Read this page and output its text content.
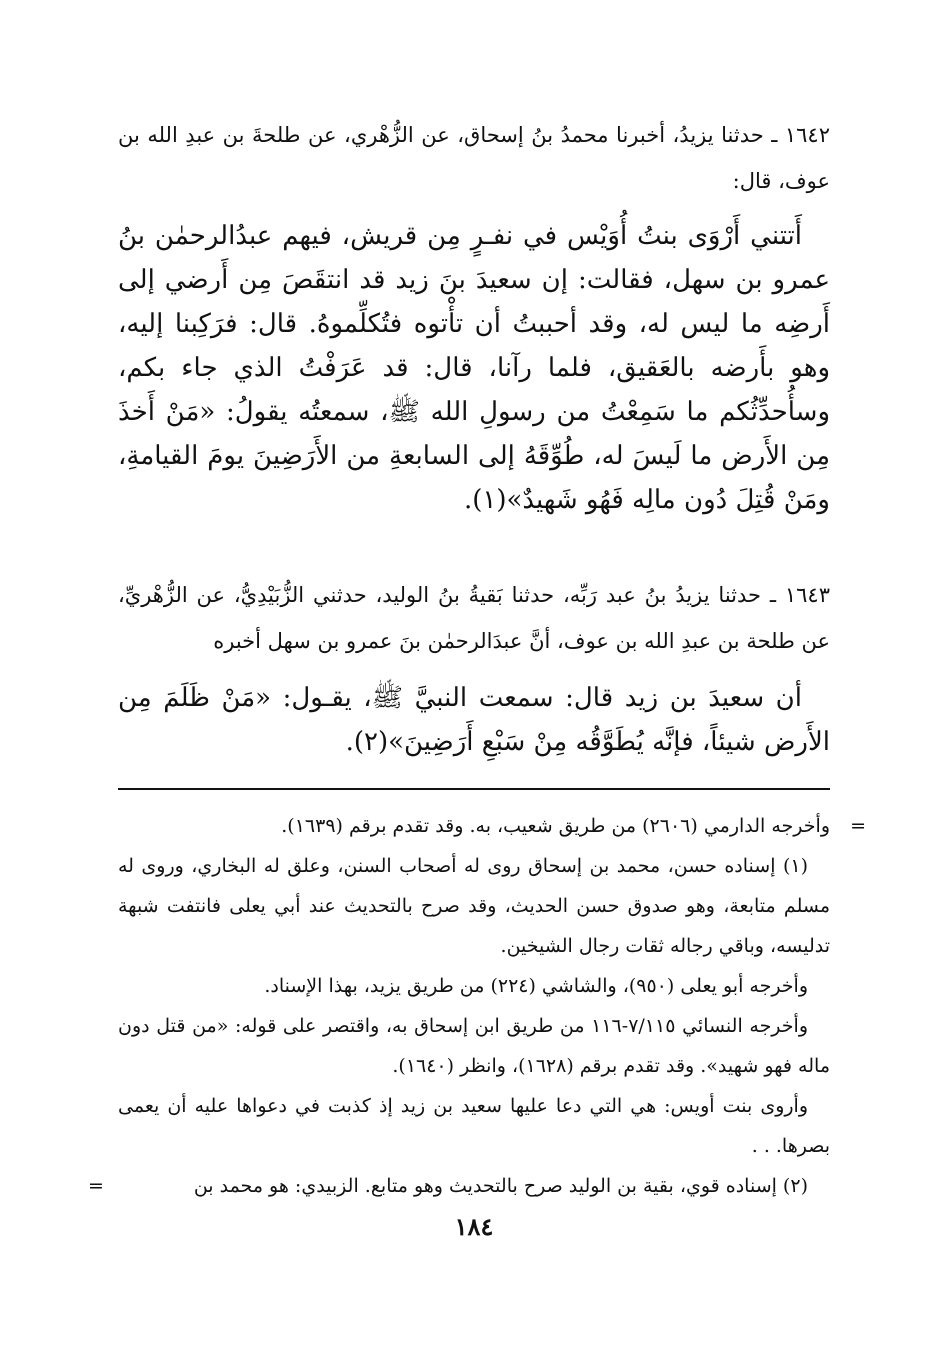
١٦٤٢ ـ حدثنا يزيدُ، أخبرنا محمدُ بنُ إسحاق، عن الزُّهْري، عن طلحةَ بن عبدِ الله بن عوف، قال:
أَتتني أَرْوَى بنتُ أُوَيْس في نفـرٍ مِن قريش، فيهم عبدُالرحمٰن بنُ عمرو بن سهل، فقالت: إن سعيدَ بنَ زيد قد انتقَصَ مِن أَرضي إلى أَرضِه ما ليس له، وقد أحببتُ أن تأْتوه فتُكلِّموهُ. قال: فرَكِبنا إليه، وهو بأَرضه بالعَقيق، فلما رآنا، قال: قد عَرَفْتُ الذي جاء بكم، وسأُحدِّثُكم ما سَمِعْتُ من رسولِ الله ﷺ، سمعتُه يقولُ: «مَنْ أَخذَ مِن الأَرض ما لَيسَ له، طُوِّقَهُ إلى السابعةِ من الأَرَضِينَ يومَ القيامةِ، ومَنْ قُتِلَ دُون مالِه فَهُو شَهيدٌ»(١).
١٦٤٣ ـ حدثنا يزيدُ بنُ عبد رَبِّه، حدثنا بَقيةُ بنُ الوليد، حدثني الزُّبَيْدِيُّ، عن الزُّهْريِّ، عن طلحة بن عبدِ الله بن عوف، أنَّ عبدَالرحمٰن بنَ عمرو بن سهل أخبره
أن سعيدَ بن زيد قال: سمعت النبيَّ ﷺ، يقـول: «مَنْ ظَلَمَ مِن الأَرض شيئاً، فإنَّه يُطَوَّقُه مِنْ سَبْعِ أَرَضِينَ»(٢).

=
وأخرجه الدارمي (٢٦٠٦) من طريق شعيب، به. وقد تقدم برقم (١٦٣٩).

(١) إسناده حسن، محمد بن إسحاق روى له أصحاب السنن، وعلق له البخاري، وروى له مسلم متابعة، وهو صدوق حسن الحديث، وقد صرح بالتحديث عند أبي يعلى فانتفت شبهة تدليسه، وباقي رجاله ثقات رجال الشيخين.

وأخرجه أبو يعلى (٩٥٠)، والشاشي (٢٢٤) من طريق يزيد، بهذا الإسناد.

وأخرجه النسائي ٧/١١٥-١١٦ من طريق ابن إسحاق به، واقتصر على قوله: «من قتل دون ماله فهو شهيد». وقد تقدم برقم (١٦٢٨)، وانظر (١٦٤٠).

وأروى بنت أويس: هي التي دعا عليها سعيد بن زيد إذ كذبت في دعواها عليه أن يعمى بصرها. . .

(٢) إسناده قوي، بقية بن الوليد صرح بالتحديث وهو متابع. الزبيدي: هو محمد بن
=

١٨٤
